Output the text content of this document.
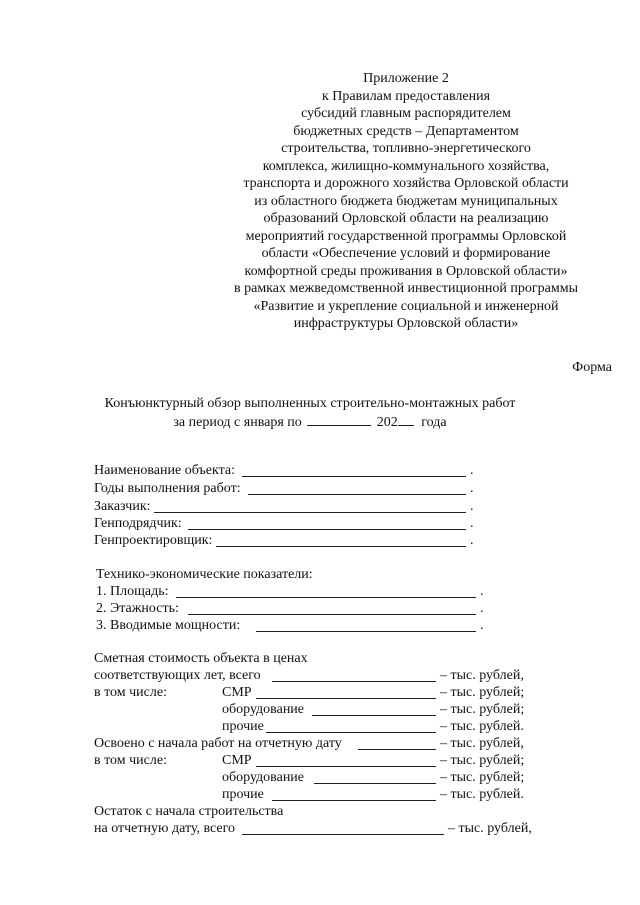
Приложение 2
к Правилам предоставления
субсидий главным распорядителем
бюджетных средств – Департаментом
строительства, топливно-энергетического
комплекса, жилищно-коммунального хозяйства,
транспорта и дорожного хозяйства Орловской области
из областного бюджета бюджетам муниципальных
образований Орловской области на реализацию
мероприятий государственной программы Орловской
области «Обеспечение условий и формирование
комфортной среды проживания в Орловской области»
в рамках межведомственной инвестиционной программы
«Развитие и укрепление социальной и инженерной
инфраструктуры Орловской области»
Форма
Конъюнктурный обзор выполненных строительно-монтажных работ
за период с января по	202 года
Наименование объекта:	.
Годы выполнения работ:	.
Заказчик:	.
Генподрядчик:	.
Генпроектировщик:	.
Технико-экономические показатели:
1. Площадь:	.
2. Этажность:	.
3. Вводимые мощности:	.
Сметная стоимость объекта в ценах
соответствующих лет, всего	– тыс. рублей,
в том числе:	СМР	– тыс. рублей;
оборудование	– тыс. рублей;
прочие	– тыс. рублей.
Освоено с начала работ на отчетную дату	– тыс. рублей,
в том числе:	СМР	– тыс. рублей;
оборудование	– тыс. рублей;
прочие	– тыс. рублей.
Остаток с начала строительства
на отчетную дату, всего	– тыс. рублей,
